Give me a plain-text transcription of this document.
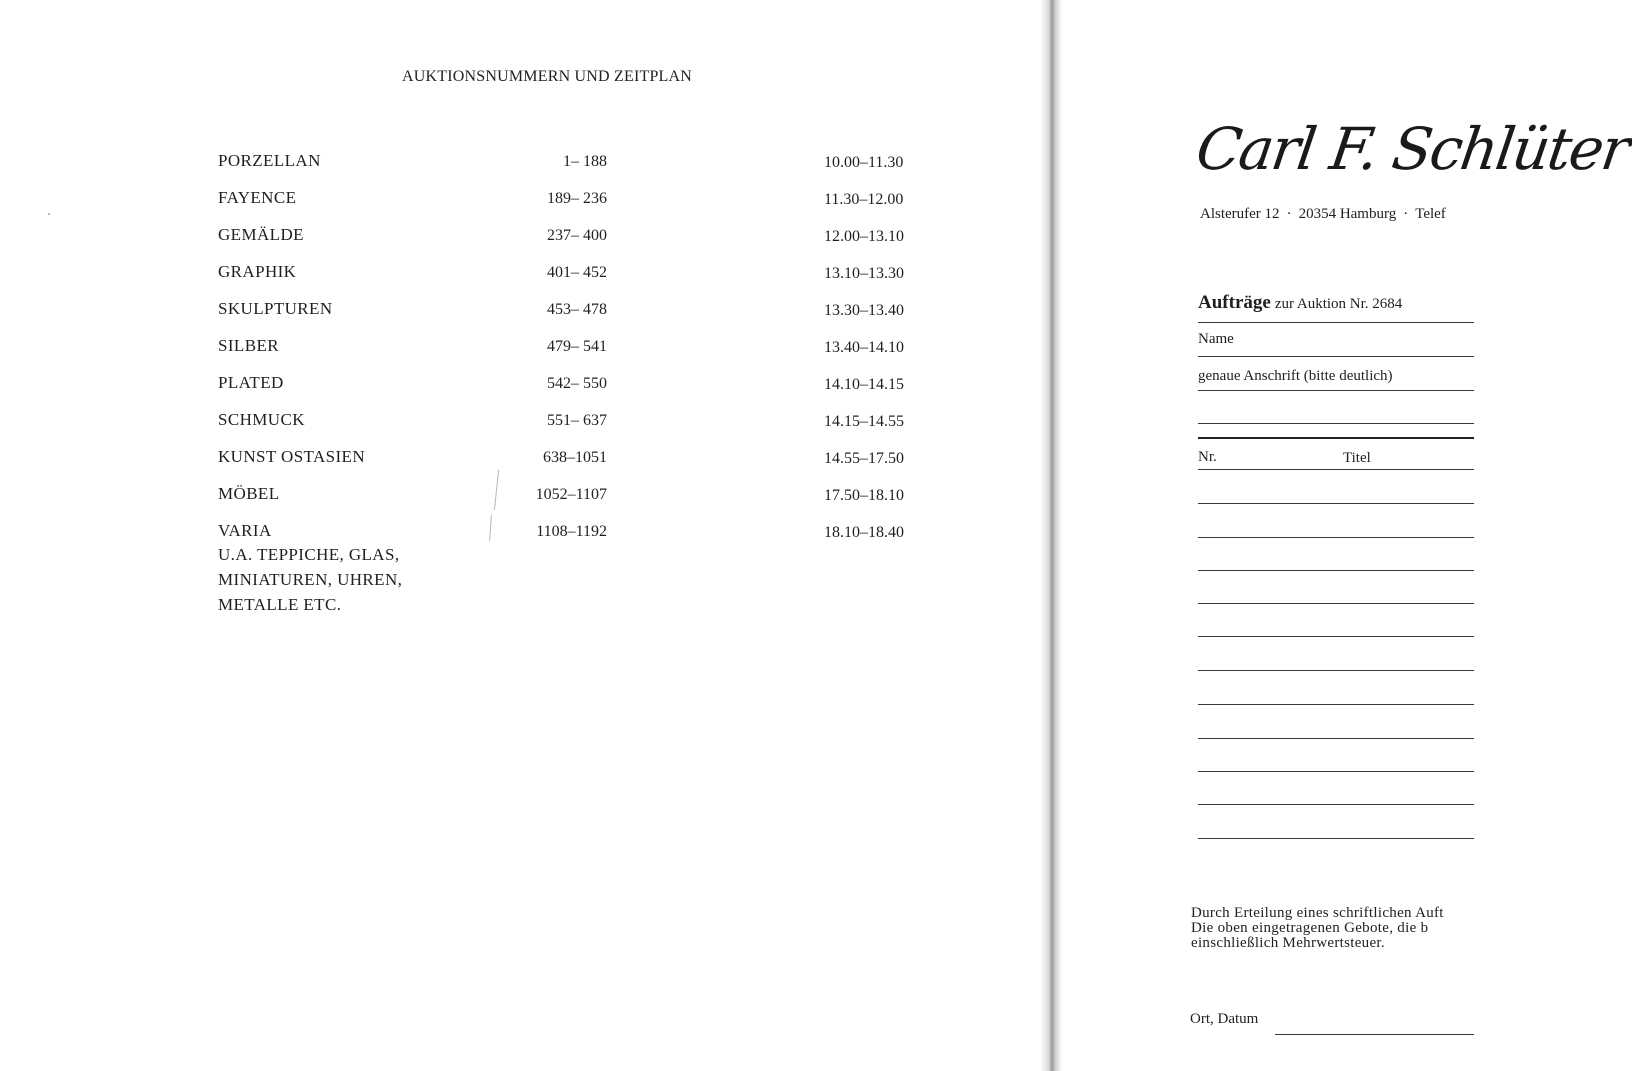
AUKTIONSNUMMERN UND ZEITPLAN
PORZELLAN	1– 188	10.00–11.30
FAYENCE	189– 236	11.30–12.00
GEMÄLDE	237– 400	12.00–13.10
GRAPHIK	401– 452	13.10–13.30
SKULPTUREN	453– 478	13.30–13.40
SILBER	479– 541	13.40–14.10
PLATED	542– 550	14.10–14.15
SCHMUCK	551– 637	14.15–14.55
KUNST OSTASIEN	638–1051	14.55–17.50
MÖBEL	1052–1107	17.50–18.10
VARIA	1108–1192	18.10–18.40
U.A. TEPPICHE, GLAS,
MINIATUREN, UHREN,
METALLE ETC.
Carl F. Schlüter
Alsterufer 12 · 20354 Hamburg · Telef
Aufträge zur Auktion Nr. 2684
Name
genaue Anschrift (bitte deutlich)
Nr.	Titel
Durch Erteilung eines schriftlichen Auft
Die oben eingetragenen Gebote, die b
einschließlich Mehrwertsteuer.
Ort, Datum
